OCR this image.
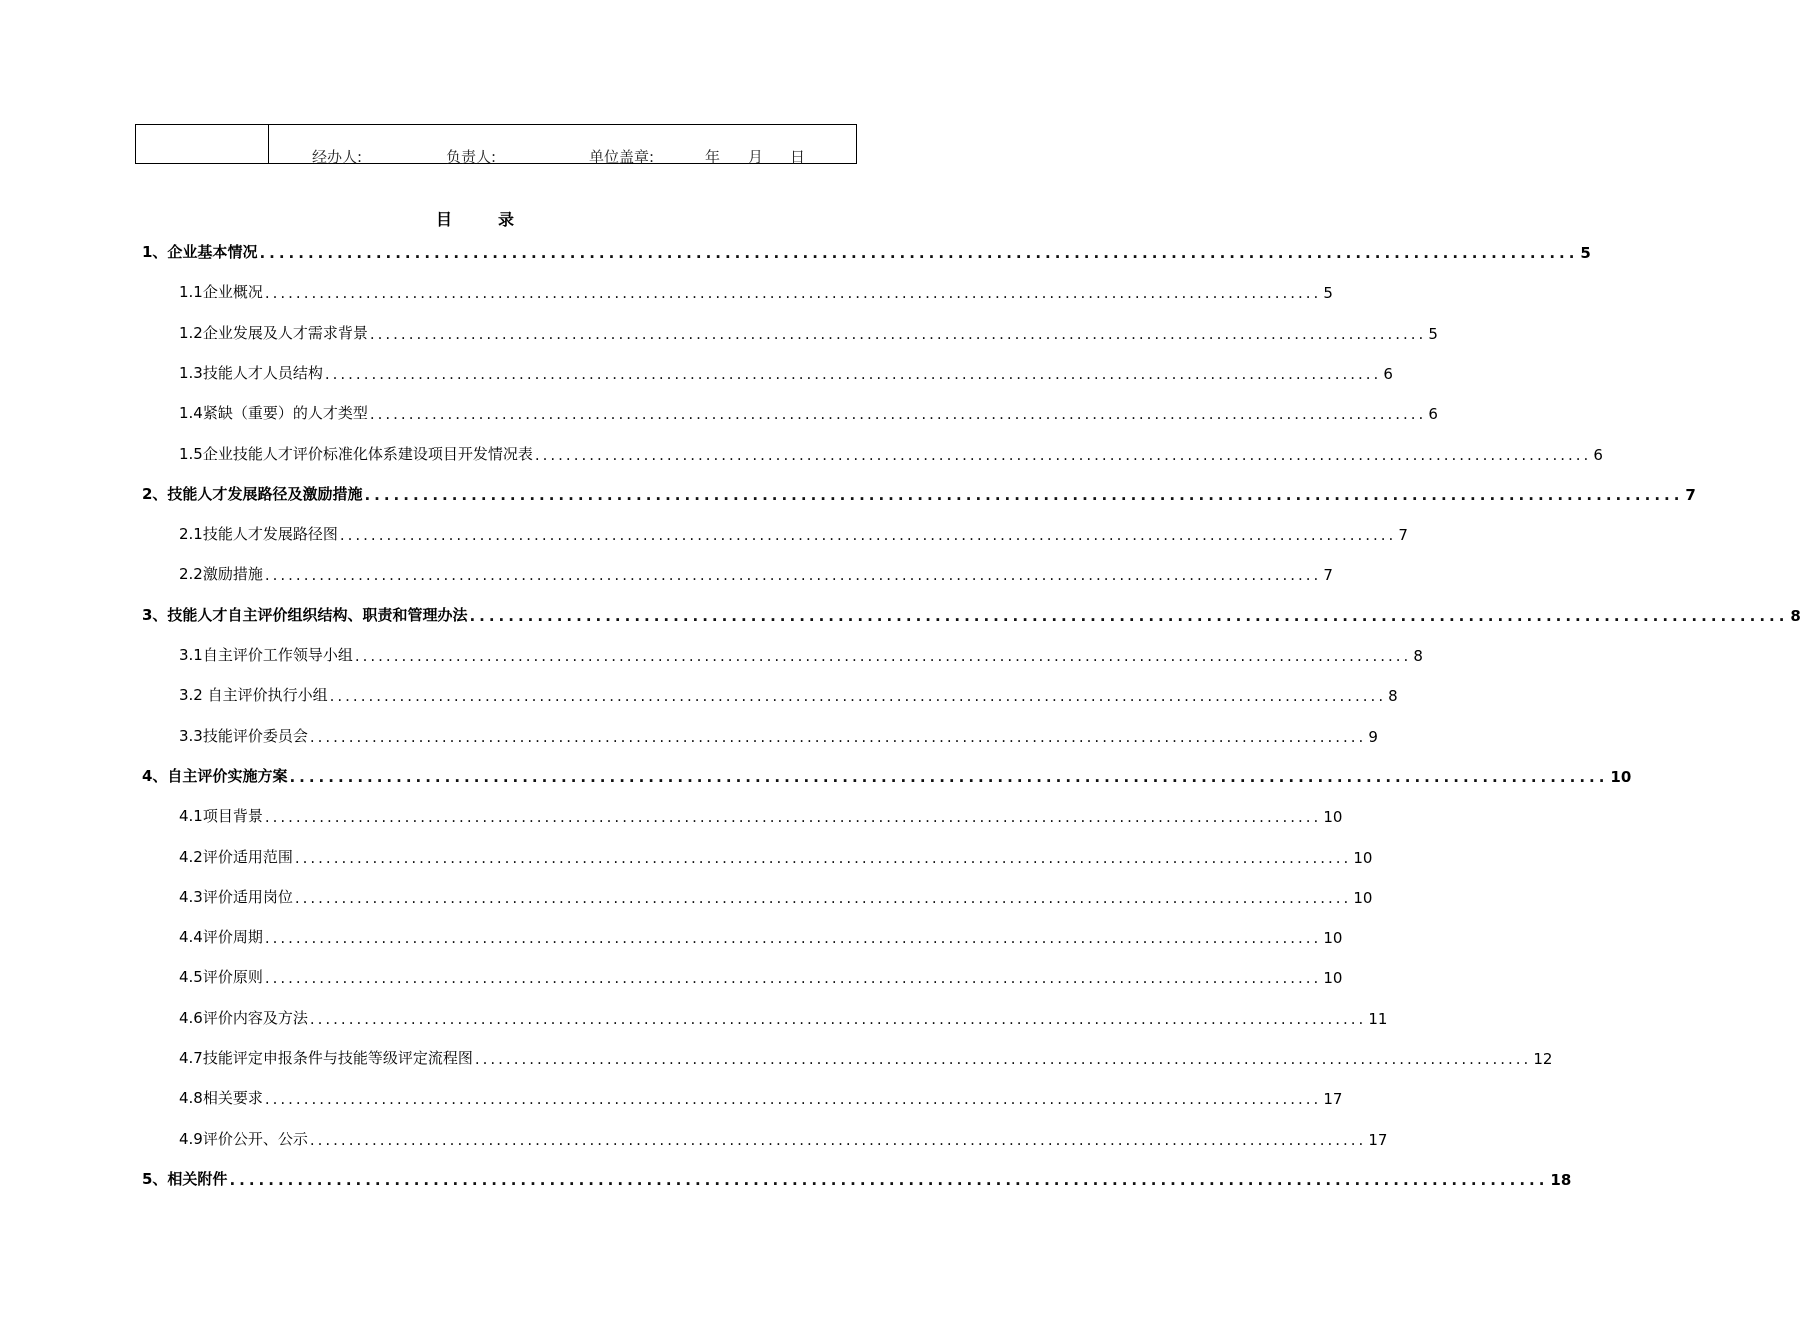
经办人:	负责人:	单位盖章:	年 月 日
目	录
1、企业基本情况 ........................................................................................................................................ 5
1.1企业概况 ........................................................................................................................................ 5
1.2企业发展及人才需求背景 ........................................................................................................................................ 5
1.3技能人才人员结构 ........................................................................................................................................ 6
1.4紧缺（重要）的人才类型 ........................................................................................................................................ 6
1.5企业技能人才评价标准化体系建设项目开发情况表 ........................................................................................................................................ 6
2、技能人才发展路径及激励措施 ........................................................................................................................................ 7
2.1技能人才发展路径图 ........................................................................................................................................ 7
2.2激励措施 ........................................................................................................................................ 7
3、技能人才自主评价组织结构、职责和管理办法 ........................................................................................................................................ 8
3.1自主评价工作领导小组 ........................................................................................................................................ 8
3.2 自主评价执行小组 ........................................................................................................................................ 8
3.3技能评价委员会 ........................................................................................................................................ 9
4、自主评价实施方案 ........................................................................................................................................ 10
4.1项目背景 ........................................................................................................................................ 10
4.2评价适用范围 ........................................................................................................................................ 10
4.3评价适用岗位 ........................................................................................................................................ 10
4.4评价周期 ........................................................................................................................................ 10
4.5评价原则 ........................................................................................................................................ 10
4.6评价内容及方法 ........................................................................................................................................ 11
4.7技能评定申报条件与技能等级评定流程图 ........................................................................................................................................ 12
4.8相关要求 ........................................................................................................................................ 17
4.9评价公开、公示 ........................................................................................................................................ 17
5、相关附件 ........................................................................................................................................ 18
